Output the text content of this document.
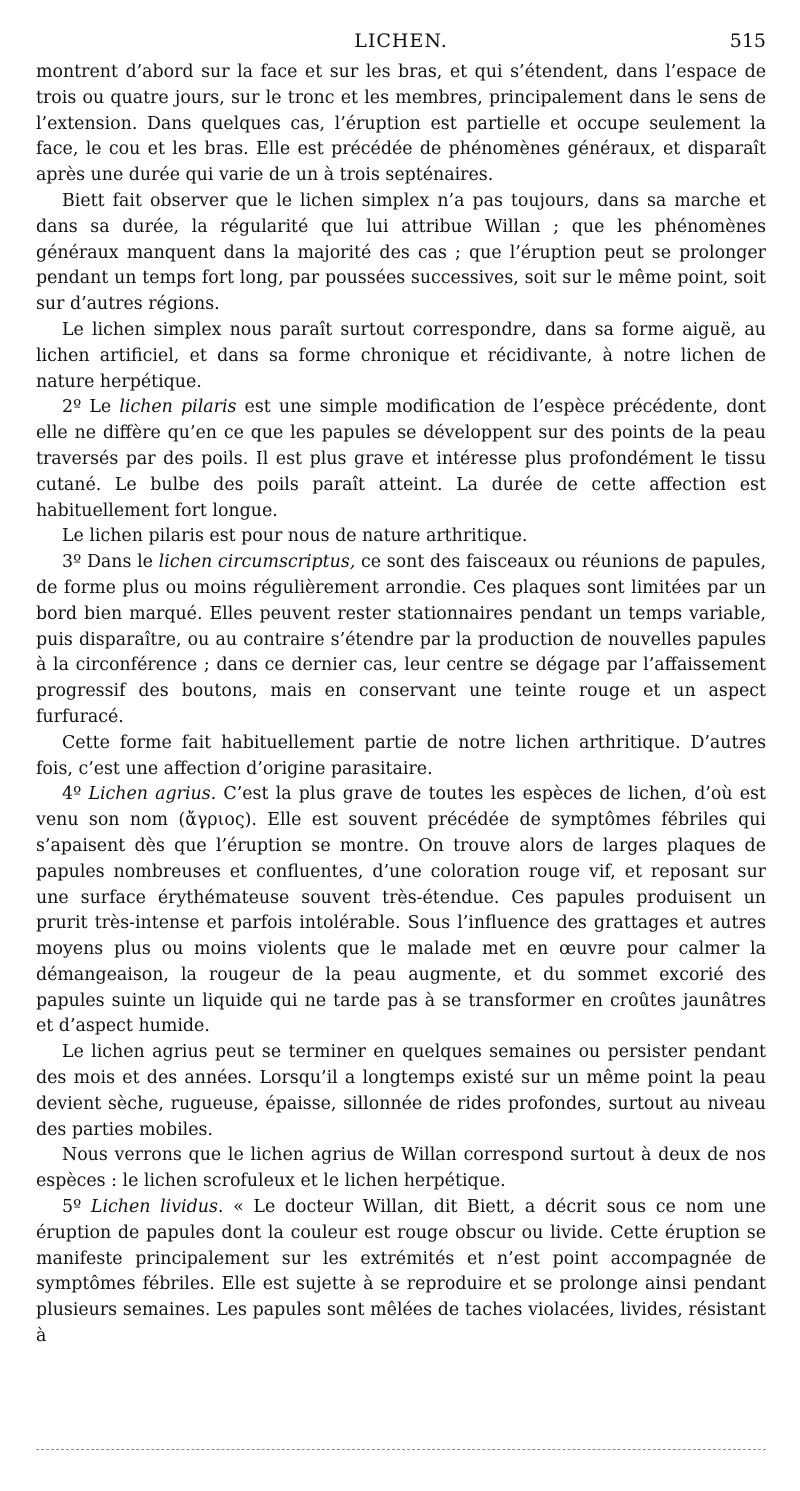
LICHEN.	515

montrent d’abord sur la face et sur les bras, et qui s’étendent, dans l’espace de trois ou quatre jours, sur le tronc et les membres, principalement dans le sens de l’extension. Dans quelques cas, l’éruption est partielle et occupe seulement la face, le cou et les bras. Elle est précédée de phénomènes généraux, et disparaît après une durée qui varie de un à trois septénaires.

Biett fait observer que le lichen simplex n’a pas toujours, dans sa marche et dans sa durée, la régularité que lui attribue Willan ; que les phénomènes généraux manquent dans la majorité des cas ; que l’éruption peut se prolonger pendant un temps fort long, par poussées successives, soit sur le même point, soit sur d’autres régions.

Le lichen simplex nous paraît surtout correspondre, dans sa forme aiguë, au lichen artificiel, et dans sa forme chronique et récidivante, à notre lichen de nature herpétique.

2º Le lichen pilaris est une simple modification de l’espèce précédente, dont elle ne diffère qu’en ce que les papules se développent sur des points de la peau traversés par des poils. Il est plus grave et intéresse plus profondément le tissu cutané. Le bulbe des poils paraît atteint. La durée de cette affection est habituellement fort longue.

Le lichen pilaris est pour nous de nature arthritique.

3º Dans le lichen circumscriptus, ce sont des faisceaux ou réunions de papules, de forme plus ou moins régulièrement arrondie. Ces plaques sont limitées par un bord bien marqué. Elles peuvent rester stationnaires pendant un temps variable, puis disparaître, ou au contraire s’étendre par la production de nouvelles papules à la circonférence ; dans ce dernier cas, leur centre se dégage par l’affaissement progressif des boutons, mais en conservant une teinte rouge et un aspect furfuracé.

Cette forme fait habituellement partie de notre lichen arthritique. D’autres fois, c’est une affection d’origine parasitaire.

4º Lichen agrius. C’est la plus grave de toutes les espèces de lichen, d’où est venu son nom (ἄγριος). Elle est souvent précédée de symptômes fébriles qui s’apaisent dès que l’éruption se montre. On trouve alors de larges plaques de papules nombreuses et confluentes, d’une coloration rouge vif, et reposant sur une surface érythémateuse souvent très-étendue. Ces papules produisent un prurit très-intense et parfois intolérable. Sous l’influence des grattages et autres moyens plus ou moins violents que le malade met en œuvre pour calmer la démangeaison, la rougeur de la peau augmente, et du sommet excorié des papules suinte un liquide qui ne tarde pas à se transformer en croûtes jaunâtres et d’aspect humide.

Le lichen agrius peut se terminer en quelques semaines ou persister pendant des mois et des années. Lorsqu’il a longtemps existé sur un même point la peau devient sèche, rugueuse, épaisse, sillonnée de rides profondes, surtout au niveau des parties mobiles.

Nous verrons que le lichen agrius de Willan correspond surtout à deux de nos espèces : le lichen scrofuleux et le lichen herpétique.

5º Lichen lividus. « Le docteur Willan, dit Biett, a décrit sous ce nom une éruption de papules dont la couleur est rouge obscur ou livide. Cette éruption se manifeste principalement sur les extrémités et n’est point accompagnée de symptômes fébriles. Elle est sujette à se reproduire et se prolonge ainsi pendant plusieurs semaines. Les papules sont mêlées de taches violacées, livides, résistant à
